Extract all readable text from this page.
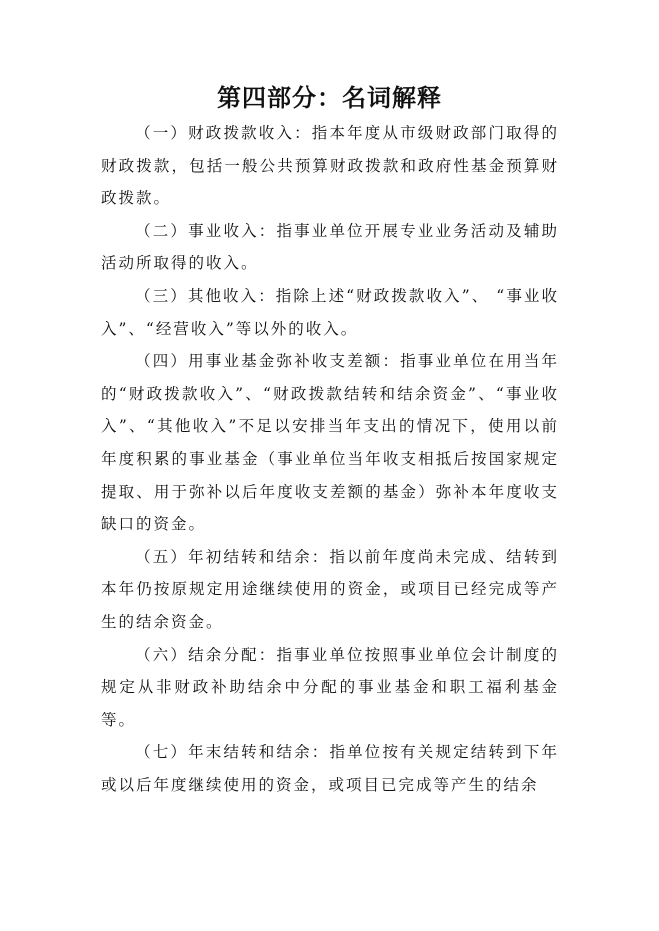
第四部分：名词解释

（一）财政拨款收入：指本年度从市级财政部门取得的财政拨款，包括一般公共预算财政拨款和政府性基金预算财政拨款。

（二）事业收入：指事业单位开展专业业务活动及辅助活动所取得的收入。

（三）其他收入：指除上述“财政拨款收入”、 “事业收入”、“经营收入”等以外的收入。

（四）用事业基金弥补收支差额：指事业单位在用当年的“财政拨款收入”、“财政拨款结转和结余资金”、“事业收入”、“其他收入”不足以安排当年支出的情况下，使用以前年度积累的事业基金（事业单位当年收支相抵后按国家规定提取、用于弥补以后年度收支差额的基金）弥补本年度收支缺口的资金。

（五）年初结转和结余：指以前年度尚未完成、结转到本年仍按原规定用途继续使用的资金，或项目已经完成等产生的结余资金。

（六）结余分配：指事业单位按照事业单位会计制度的规定从非财政补助结余中分配的事业基金和职工福利基金等。

（七）年末结转和结余：指单位按有关规定结转到下年或以后年度继续使用的资金，或项目已完成等产生的结余
